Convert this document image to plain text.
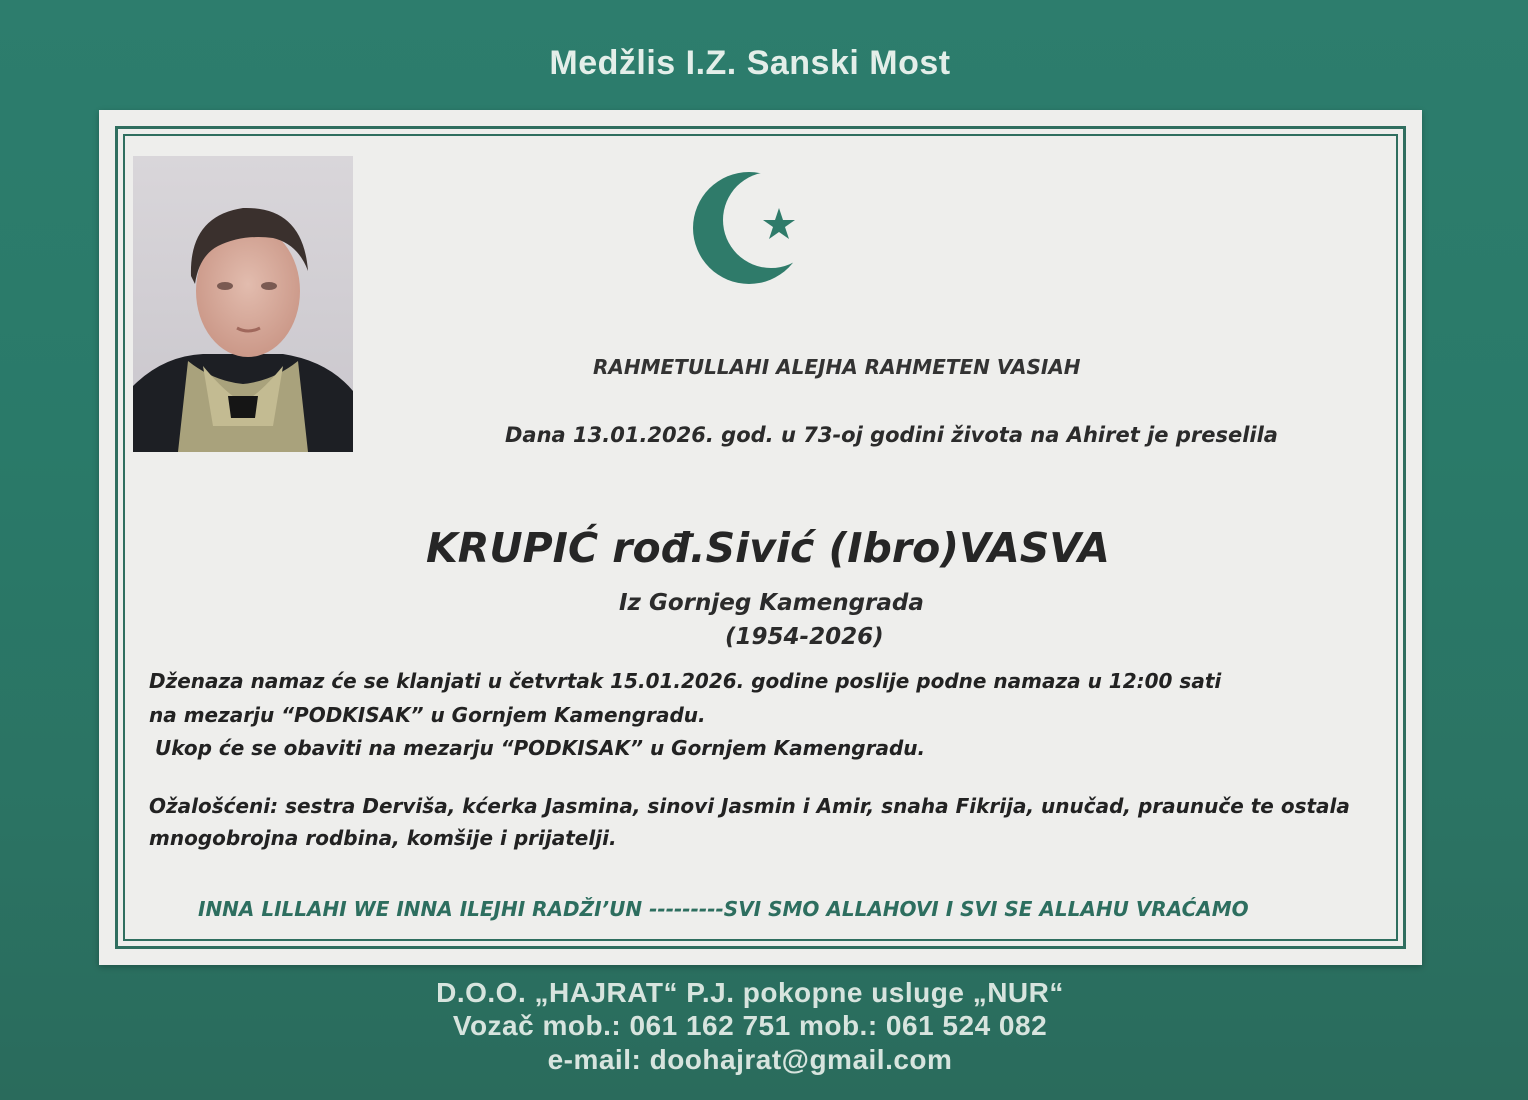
Medžlis I.Z. Sanski Most
RAHMETULLAHI ALEJHA RAHMETEN VASIAH
Dana 13.01.2026. god. u 73-oj godini života na Ahiret je preselila
KRUPIĆ rođ.Sivić (Ibro)VASVA
Iz Gornjeg Kamengrada
(1954-2026)
Dženaza namaz će se klanjati u četvrtak 15.01.2026. godine poslije podne namaza u 12:00 sati
na mezarju “PODKISAK” u Gornjem Kamengradu.
Ukop će se obaviti na mezarju “PODKISAK” u Gornjem Kamengradu.
Ožalošćeni: sestra Derviša, kćerka Jasmina, sinovi Jasmin i Amir, snaha Fikrija, unučad, praunuče te ostala
mnogobrojna rodbina, komšije i prijatelji.
INNA LILLAHI WE INNA ILEJHI RADŽI’UN ---------SVI SMO ALLAHOVI I SVI SE ALLAHU VRAĆAMO
D.O.O. „HAJRAT“ P.J. pokopne usluge „NUR“
Vozač mob.: 061 162 751 mob.: 061 524 082
e-mail: doohajrat@gmail.com
